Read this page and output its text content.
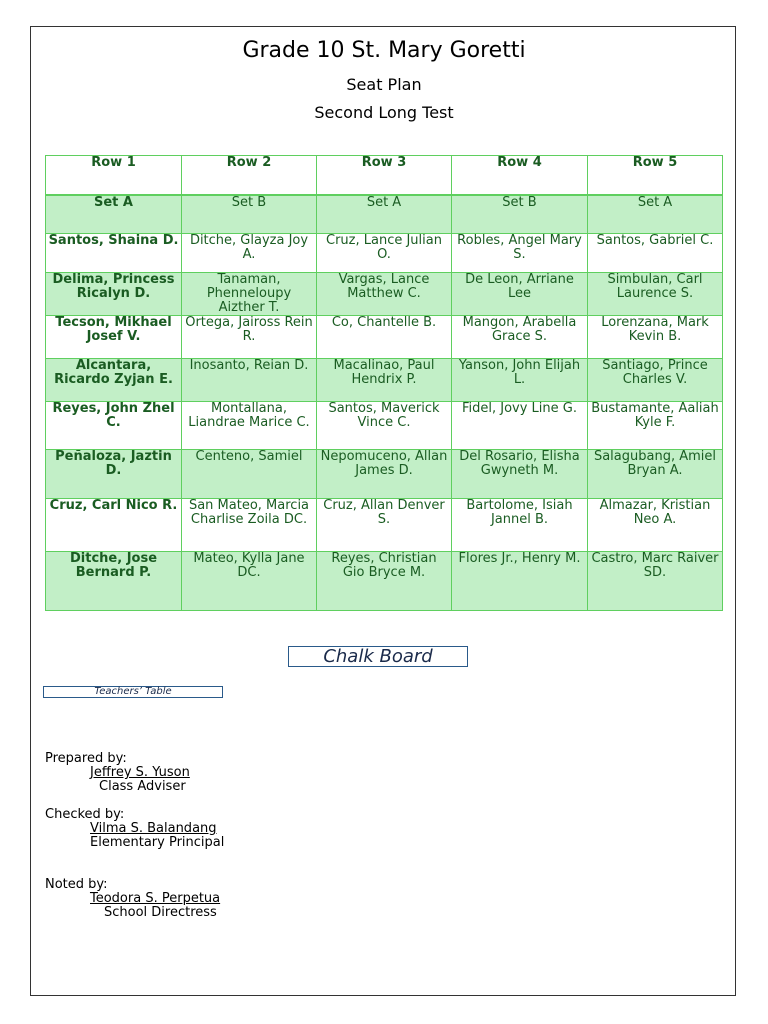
Grade 10 St. Mary Goretti
Seat Plan
Second Long Test
Row 1	Row 2	Row 3	Row 4	Row 5
Set A	Set B	Set A	Set B	Set A
Santos, Shaina D.	Ditche, Glayza Joy A.	Cruz, Lance Julian O.	Robles, Angel Mary S.	Santos, Gabriel C.
Delima, Princess Ricalyn D.	Tanaman, Phenneloupy Aizther T.	Vargas, Lance Matthew C.	De Leon, Arriane Lee	Simbulan, Carl Laurence S.
Tecson, Mikhael Josef V.	Ortega, Jaiross Rein R.	Co, Chantelle B.	Mangon, Arabella Grace S.	Lorenzana, Mark Kevin B.
Alcantara, Ricardo Zyjan E.	Inosanto, Reian D.	Macalinao, Paul Hendrix P.	Yanson, John Elijah L.	Santiago, Prince Charles V.
Reyes, John Zhel C.	Montallana, Liandrae Marice C.	Santos, Maverick Vince C.	Fidel, Jovy Line G.	Bustamante, Aaliah Kyle F.
Peñaloza, Jaztin D.	Centeno, Samiel	Nepomuceno, Allan James D.	Del Rosario, Elisha Gwyneth M.	Salagubang, Amiel Bryan A.
Cruz, Carl Nico R.	San Mateo, Marcia Charlise Zoila DC.	Cruz, Allan Denver S.	Bartolome, Isiah Jannel B.	Almazar, Kristian Neo A.
Ditche, Jose Bernard P.	Mateo, Kylla Jane DC.	Reyes, Christian Gio Bryce M.	Flores Jr., Henry M.	Castro, Marc Raiver SD.
Chalk Board
Teachers’ Table
Prepared by:
Jeffrey S. Yuson
Class Adviser
Checked by:
Vilma S. Balandang
Elementary Principal
Noted by:
Teodora S. Perpetua
School Directress
